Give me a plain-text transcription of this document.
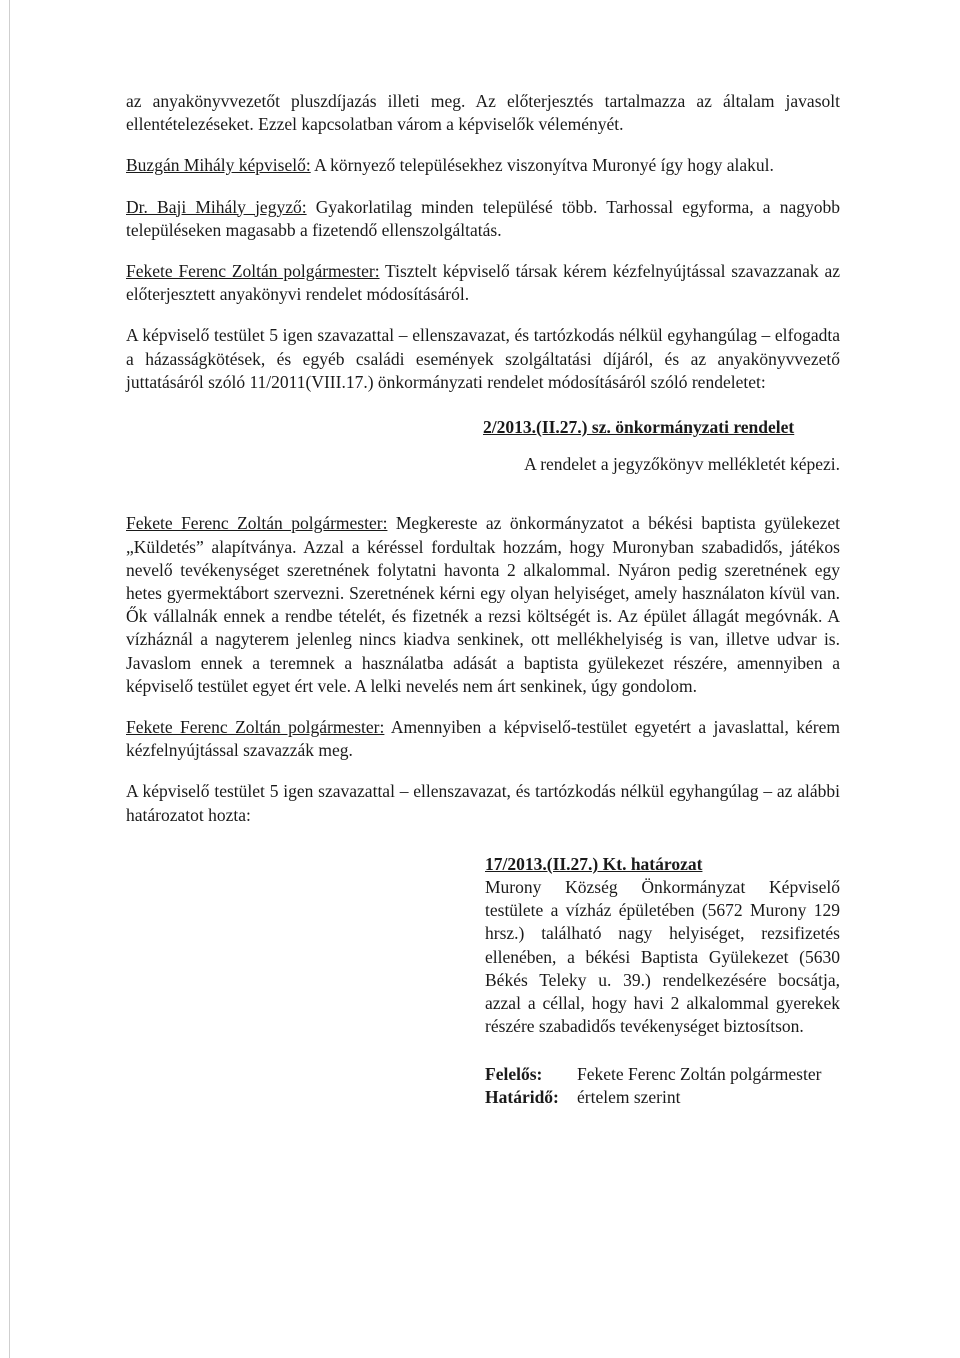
az anyakönyvvezetőt pluszdíjazás illeti meg. Az előterjesztés tartalmazza az általam javasolt ellentételezéseket. Ezzel kapcsolatban várom a képviselők véleményét.

Buzgán Mihály képviselő: A környező településekhez viszonyítva Muronyé így hogy alakul.

Dr. Baji Mihály jegyző: Gyakorlatilag minden településé több. Tarhossal egyforma, a nagyobb településeken magasabb a fizetendő ellenszolgáltatás.

Fekete Ferenc Zoltán polgármester: Tisztelt képviselő társak kérem kézfelnyújtással szavazzanak az előterjesztett anyakönyvi rendelet módosításáról.

A képviselő testület 5 igen szavazattal – ellenszavazat, és tartózkodás nélkül egyhangúlag – elfogadta a házasságkötések, és egyéb családi események szolgáltatási díjáról, és az anyakönyvvezető juttatásáról szóló 11/2011(VIII.17.) önkormányzati rendelet módosításáról szóló rendeletet:

2/2013.(II.27.) sz. önkormányzati rendelet
A rendelet a jegyzőkönyv mellékletét képezi.

Fekete Ferenc Zoltán polgármester: Megkereste az önkormányzatot a békési baptista gyülekezet „Küldetés” alapítványa. Azzal a kéréssel fordultak hozzám, hogy Muronyban szabadidős, játékos nevelő tevékenységet szeretnének folytatni havonta 2 alkalommal. Nyáron pedig szeretnének egy hetes gyermektábort szervezni. Szeretnének kérni egy olyan helyiséget, amely használaton kívül van. Ők vállalnák ennek a rendbe tételét, és fizetnék a rezsi költségét is. Az épület állagát megóvnák. A vízháznál a nagyterem jelenleg nincs kiadva senkinek, ott mellékhelyiség is van, illetve udvar is. Javaslom ennek a teremnek a használatba adását a baptista gyülekezet részére, amennyiben a képviselő testület egyet ért vele. A lelki nevelés nem árt senkinek, úgy gondolom.

Fekete Ferenc Zoltán polgármester: Amennyiben a képviselő-testület egyetért a javaslattal, kérem kézfelnyújtással szavazzák meg.

A képviselő testület 5 igen szavazattal – ellenszavazat, és tartózkodás nélkül egyhangúlag – az alábbi határozatot hozta:

17/2013.(II.27.) Kt. határozat
Murony Község Önkormányzat Képviselő testülete a vízház épületében (5672 Murony 129 hrsz.) található nagy helyiséget, rezsifizetés ellenében, a békési Baptista Gyülekezet (5630 Békés Teleky u. 39.) rendelkezésére bocsátja, azzal a céllal, hogy havi 2 alkalommal gyerekek részére szabadidős tevékenységet biztosítson.
Felelős:	Fekete Ferenc Zoltán polgármester
Határidő:	értelem szerint
